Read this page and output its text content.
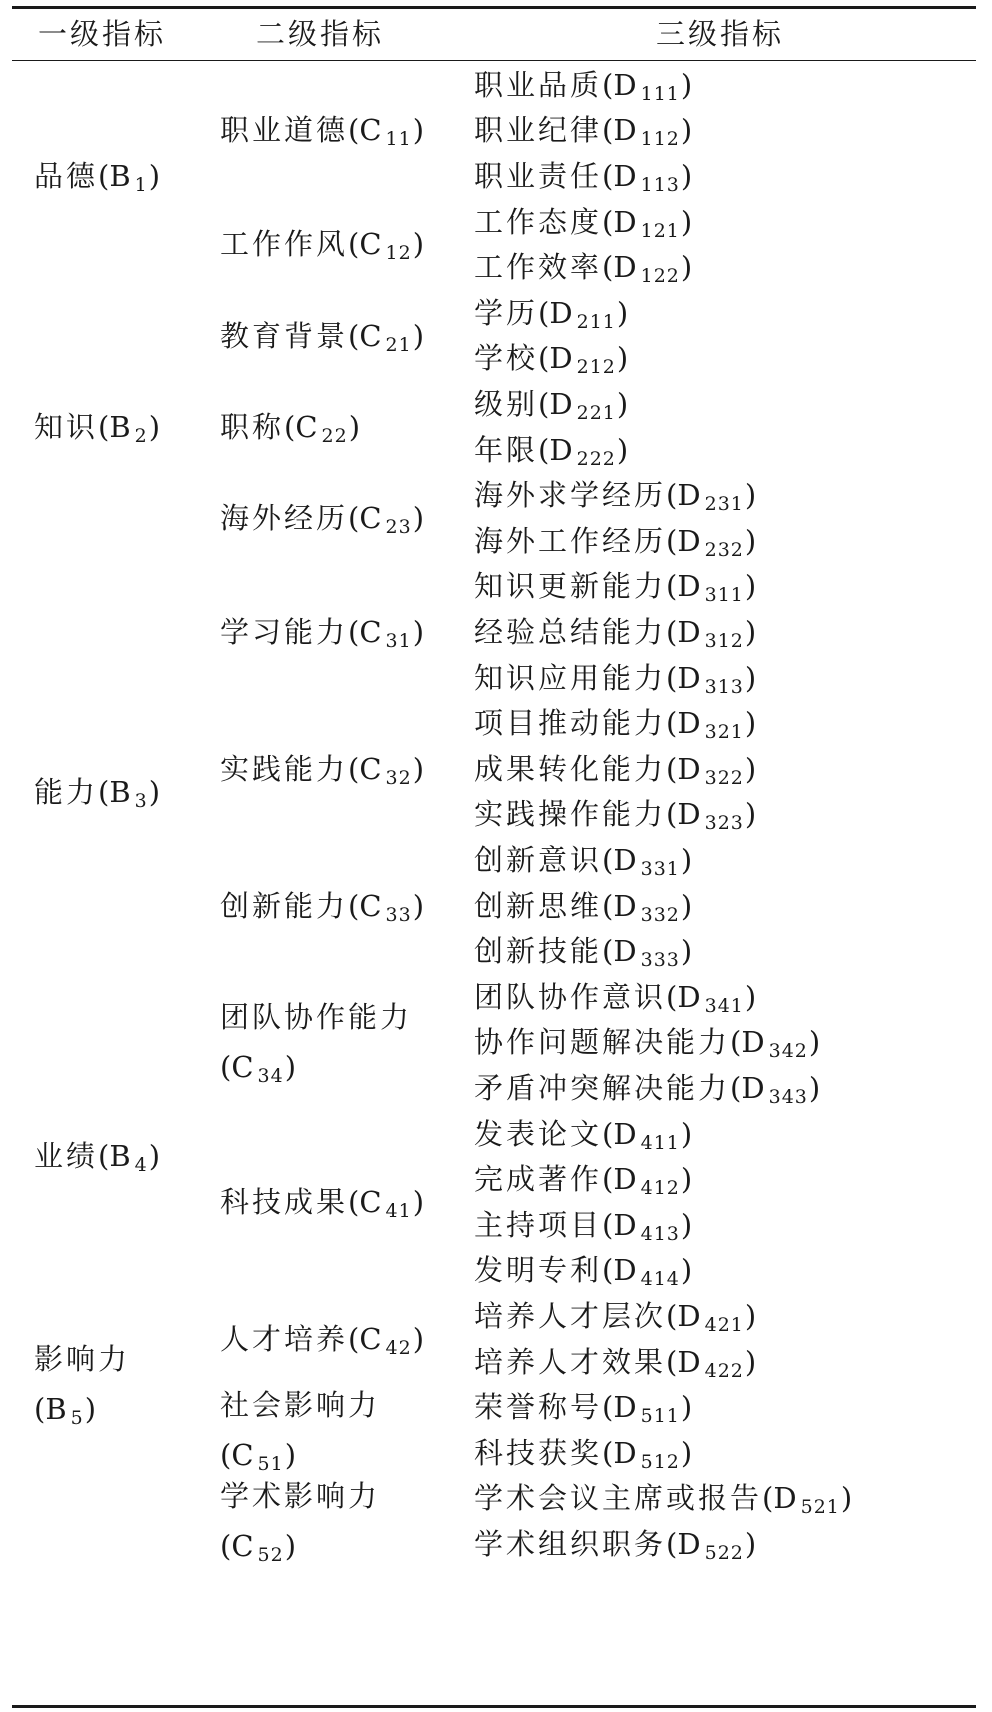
一级指标	二级指标	三级指标
品德(B1)
知识(B2)
能力(B3)
业绩(B4)
影响力
(B5)
职业道德(C11)
工作作风(C12)
教育背景(C21)
职称(C22)
海外经历(C23)
学习能力(C31)
实践能力(C32)
创新能力(C33)
团队协作能力
(C34)
科技成果(C41)
人才培养(C42)
社会影响力
(C51)
学术影响力
(C52)
职业品质(D111)
职业纪律(D112)
职业责任(D113)
工作态度(D121)
工作效率(D122)
学历(D211)
学校(D212)
级别(D221)
年限(D222)
海外求学经历(D231)
海外工作经历(D232)
知识更新能力(D311)
经验总结能力(D312)
知识应用能力(D313)
项目推动能力(D321)
成果转化能力(D322)
实践操作能力(D323)
创新意识(D331)
创新思维(D332)
创新技能(D333)
团队协作意识(D341)
协作问题解决能力(D342)
矛盾冲突解决能力(D343)
发表论文(D411)
完成著作(D412)
主持项目(D413)
发明专利(D414)
培养人才层次(D421)
培养人才效果(D422)
荣誉称号(D511)
科技获奖(D512)
学术会议主席或报告(D521)
学术组织职务(D522)
